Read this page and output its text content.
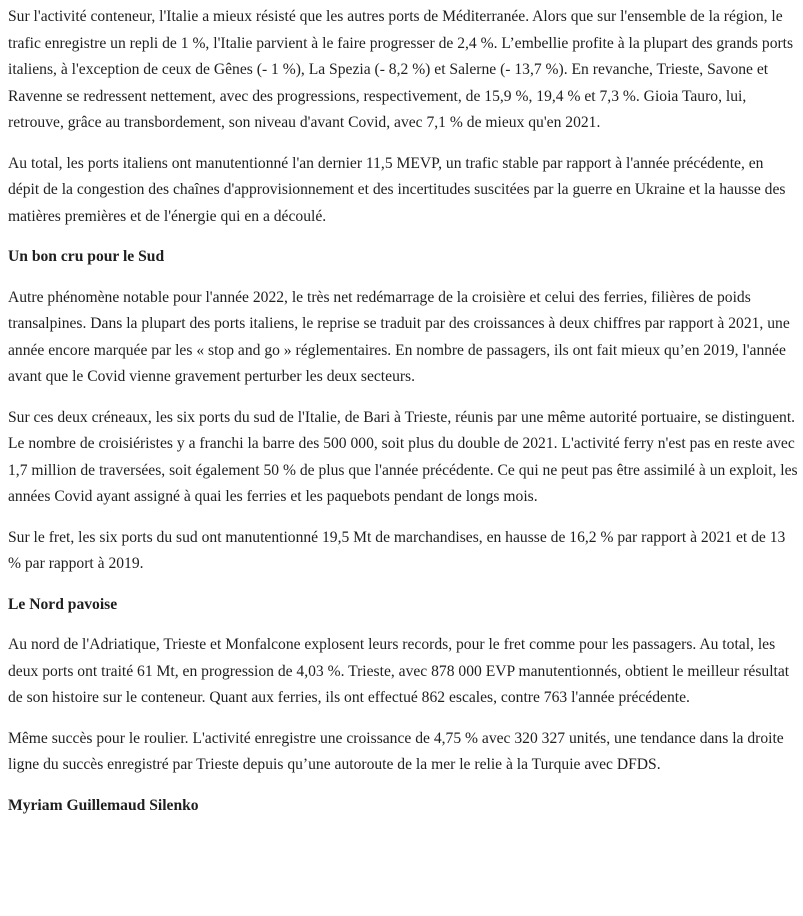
Sur l'activité conteneur, l'Italie a mieux résisté que les autres ports de Méditerranée. Alors que sur l'ensemble de la région, le trafic enregistre un repli de 1 %, l'Italie parvient à le faire progresser de 2,4 %. L’embellie profite à la plupart des grands ports italiens, à l'exception de ceux de Gênes (- 1 %), La Spezia (- 8,2 %) et Salerne (- 13,7 %). En revanche, Trieste, Savone et Ravenne se redressent nettement, avec des progressions, respectivement, de 15,9 %, 19,4 % et 7,3 %. Gioia Tauro, lui, retrouve, grâce au transbordement, son niveau d'avant Covid, avec 7,1 % de mieux qu'en 2021.

Au total, les ports italiens ont manutentionné l'an dernier 11,5 MEVP, un trafic stable par rapport à l'année précédente, en dépit de la congestion des chaînes d'approvisionnement et des incertitudes suscitées par la guerre en Ukraine et la hausse des matières premières et de l'énergie qui en a découlé.

Un bon cru pour le Sud

Autre phénomène notable pour l'année 2022, le très net redémarrage de la croisière et celui des ferries, filières de poids transalpines. Dans la plupart des ports italiens, le reprise se traduit par des croissances à deux chiffres par rapport à 2021, une année encore marquée par les « stop and go » réglementaires. En nombre de passagers, ils ont fait mieux qu’en 2019, l'année avant que le Covid vienne gravement perturber les deux secteurs.

Sur ces deux créneaux, les six ports du sud de l'Italie, de Bari à Trieste, réunis par une même autorité portuaire, se distinguent. Le nombre de croisiéristes y a franchi la barre des 500 000, soit plus du double de 2021. L'activité ferry n'est pas en reste avec 1,7 million de traversées, soit également 50 % de plus que l'année précédente. Ce qui ne peut pas être assimilé à un exploit, les années Covid ayant assigné à quai les ferries et les paquebots pendant de longs mois.

Sur le fret, les six ports du sud ont manutentionné 19,5 Mt de marchandises, en hausse de 16,2 % par rapport à 2021 et de 13 % par rapport à 2019.

Le Nord pavoise

Au nord de l'Adriatique, Trieste et Monfalcone explosent leurs records, pour le fret comme pour les passagers. Au total, les deux ports ont traité 61 Mt, en progression de 4,03 %. Trieste, avec 878 000 EVP manutentionnés, obtient le meilleur résultat de son histoire sur le conteneur. Quant aux ferries, ils ont effectué 862 escales, contre 763 l'année précédente.

Même succès pour le roulier. L'activité enregistre une croissance de 4,75 % avec 320 327 unités, une tendance dans la droite ligne du succès enregistré par Trieste depuis qu’une autoroute de la mer le relie à la Turquie avec DFDS.

Myriam Guillemaud Silenko
